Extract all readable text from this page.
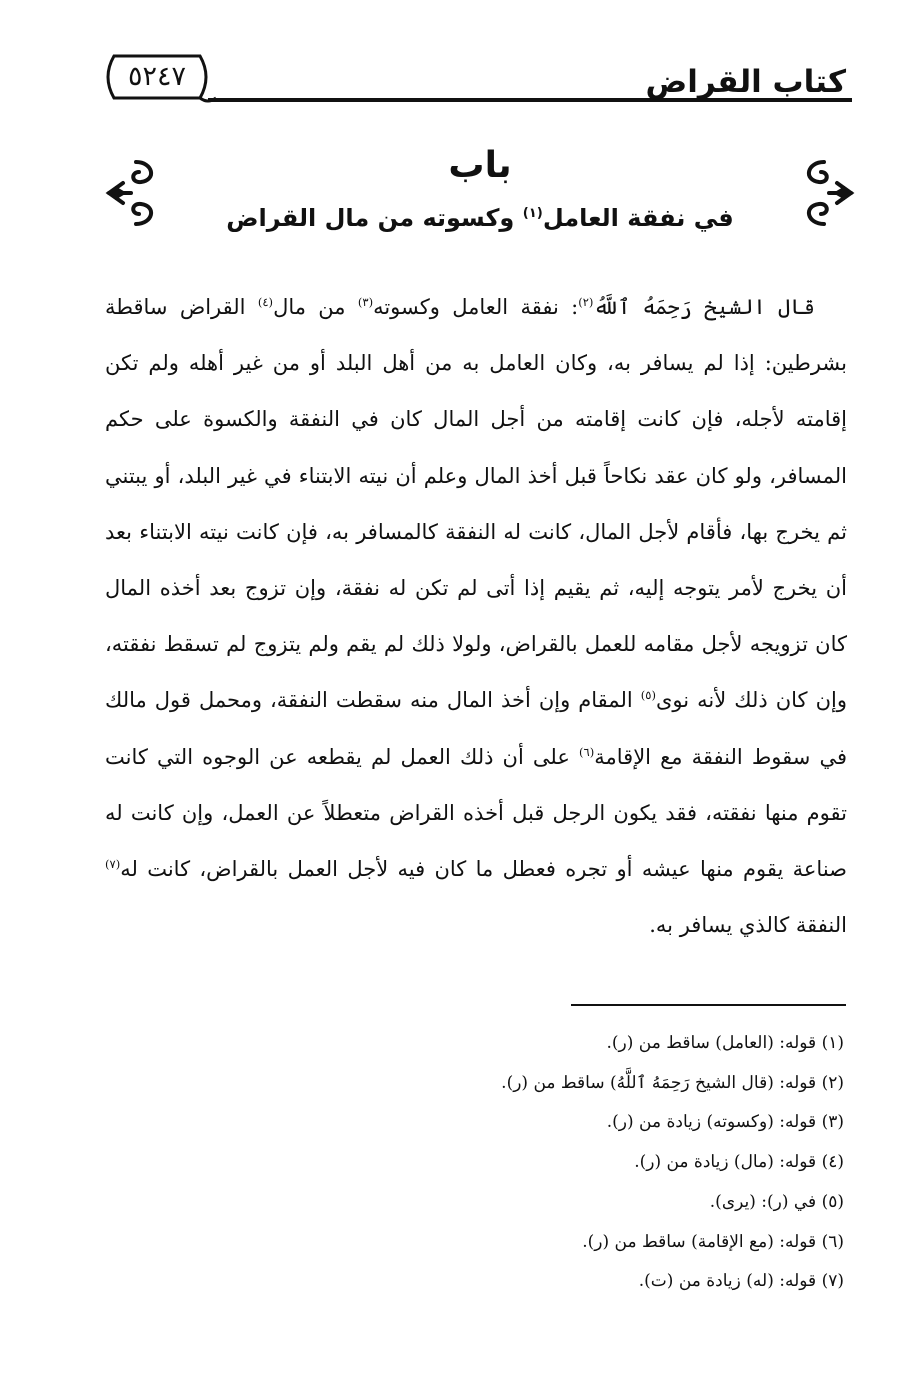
كتاب القراض
٥٢٤٧
باب
في نفقة العامل$^{(١)}$ وكسوته من مال القراض

قال الشيخ رَحِمَهُ ٱللَّهُ$^{(٢)}$: نفقة العامل وكسوته$^{(٣)}$ من مال$^{(٤)}$ القراض ساقطة بشرطين: إذا لم يسافر به، وكان العامل به من أهل البلد أو من غير أهله ولم تكن إقامته لأجله، فإن كانت إقامته من أجل المال كان في النفقة والكسوة على حكم المسافر، ولو كان عقد نكاحاً قبل أخذ المال وعلم أن نيته الابتناء في غير البلد، أو يبتني ثم يخرج بها، فأقام لأجل المال، كانت له النفقة كالمسافر به، فإن كانت نيته الابتناء بعد أن يخرج لأمر يتوجه إليه، ثم يقيم إذا أتى لم تكن له نفقة، وإن تزوج بعد أخذه المال كان تزويجه لأجل مقامه للعمل بالقراض، ولولا ذلك لم يقم ولم يتزوج لم تسقط نفقته، وإن كان ذلك لأنه نوى$^{(٥)}$ المقام وإن أخذ المال منه سقطت النفقة، ومحمل قول مالك في سقوط النفقة مع الإقامة$^{(٦)}$ على أن ذلك العمل لم يقطعه عن الوجوه التي كانت تقوم منها نفقته، فقد يكون الرجل قبل أخذه القراض متعطلاً عن العمل، وإن كانت له صناعة يقوم منها عيشه أو تجره فعطل ما كان فيه لأجل العمل بالقراض، كانت له$^{(٧)}$ النفقة كالذي يسافر به.

(١) قوله: (العامل) ساقط من (ر).
(٢) قوله: (قال الشيخ رَحِمَهُ ٱللَّهُ) ساقط من (ر).
(٣) قوله: (وكسوته) زيادة من (ر).
(٤) قوله: (مال) زيادة من (ر).
(٥) في (ر): (يرى).
(٦) قوله: (مع الإقامة) ساقط من (ر).
(٧) قوله: (له) زيادة من (ت).
